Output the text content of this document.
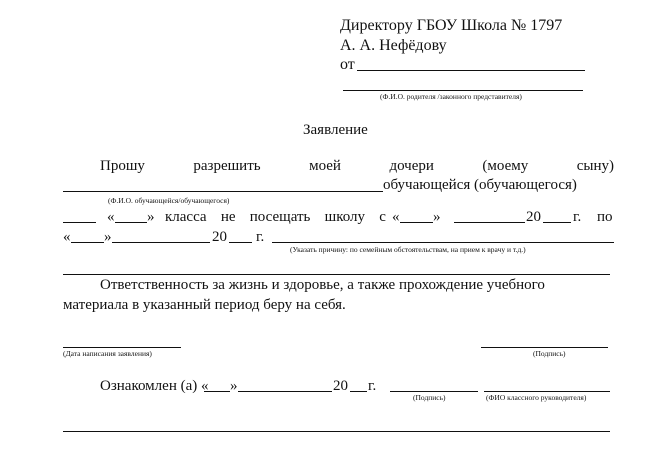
Директору ГБОУ Школа № 1797
А. А. Нефёдову
от
(Ф.И.О. родителя /законного представителя)
Заявление
Прошу	разрешить	моей	дочери	(моему	сыну)
обучающейся (обучающегося)
(Ф.И.О. обучающейся/обучающегося)
« » класса не посещать школу с « »	20 г. по
« »	20 г.
(Указать причину: по семейным обстоятельствам, на прием к врачу и т.д.)
Ответственность за жизнь и здоровье, а также прохождение учебного
материала в указанный период беру на себя.
(Дата написания заявления)	(Подпись)
Ознакомлен (а) « »	20 г.
(Подпись)	(ФИО классного руководителя)
